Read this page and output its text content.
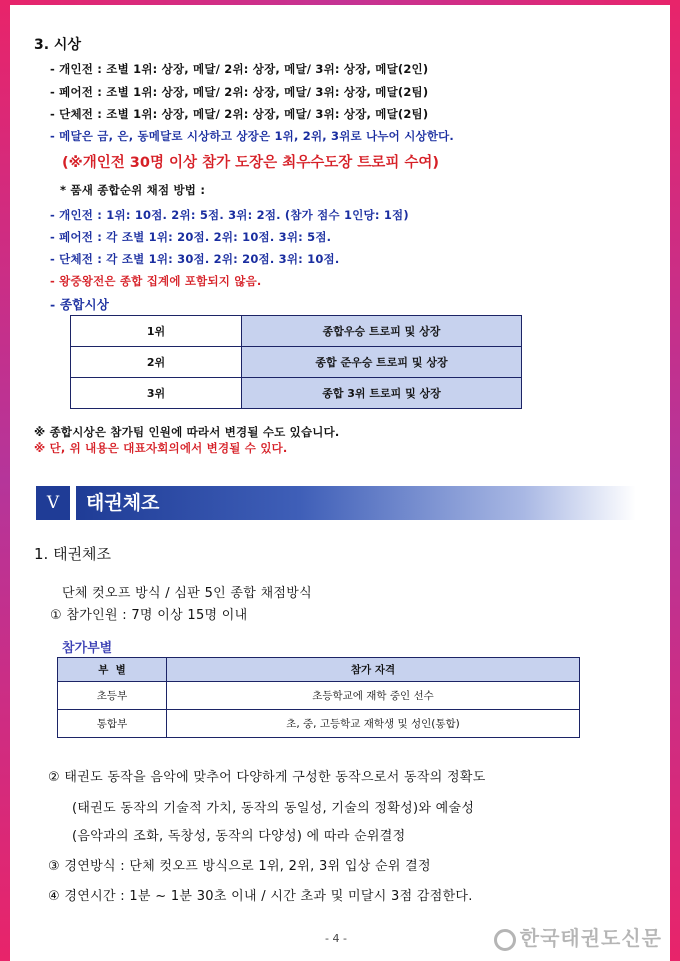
3. 시상
- 개인전 : 조별 1위: 상장, 메달/ 2위: 상장, 메달/ 3위: 상장, 메달(2인)
- 페어전 : 조별 1위: 상장, 메달/ 2위: 상장, 메달/ 3위: 상장, 메달(2팀)
- 단체전 : 조별 1위: 상장, 메달/ 2위: 상장, 메달/ 3위: 상장, 메달(2팀)
- 메달은 금, 은, 동메달로 시상하고 상장은 1위, 2위, 3위로 나누어 시상한다.
(※개인전 30명 이상 참가 도장은 최우수도장 트로피 수여)
* 품새 종합순위 채점 방법 :
- 개인전 : 1위: 10점. 2위: 5점. 3위: 2점. (참가 점수 1인당: 1점)
- 페어전 : 각 조별 1위: 20점. 2위: 10점. 3위: 5점.
- 단체전 : 각 조별 1위: 30점. 2위: 20점. 3위: 10점.
- 왕중왕전은 종합 집계에 포함되지 않음.
- 종합시상
1위	종합우승 트로피 및 상장
2위	종합 준우승 트로피 및 상장
3위	종합 3위 트로피 및 상장
※ 종합시상은 참가팀 인원에 따라서 변경될 수도 있습니다.
※ 단, 위 내용은 대표자회의에서 변경될 수 있다.
V	태권체조
1. 태권체조
단체 컷오프 방식 / 심판 5인 종합 채점방식
① 참가인원 : 7명 이상 15명 이내
참가부별
부  별	참가 자격
초등부	초등학교에 재학 중인 선수
통합부	초, 중, 고등학교 재학생 및 성인(통합)
② 태권도 동작을 음악에 맞추어 다양하게 구성한 동작으로서 동작의 정확도
(태권도 동작의 기술적 가치, 동작의 동일성, 기술의 정확성)와 예술성
(음악과의 조화, 독창성, 동작의 다양성) 에 따라 순위결정
③ 경연방식 : 단체 컷오프 방식으로 1위, 2위, 3위 입상 순위 결정
④ 경연시간 : 1분 ~ 1분 30초 이내 / 시간 초과 및 미달시 3점 감점한다.
- 4 -	한국태권도신문
